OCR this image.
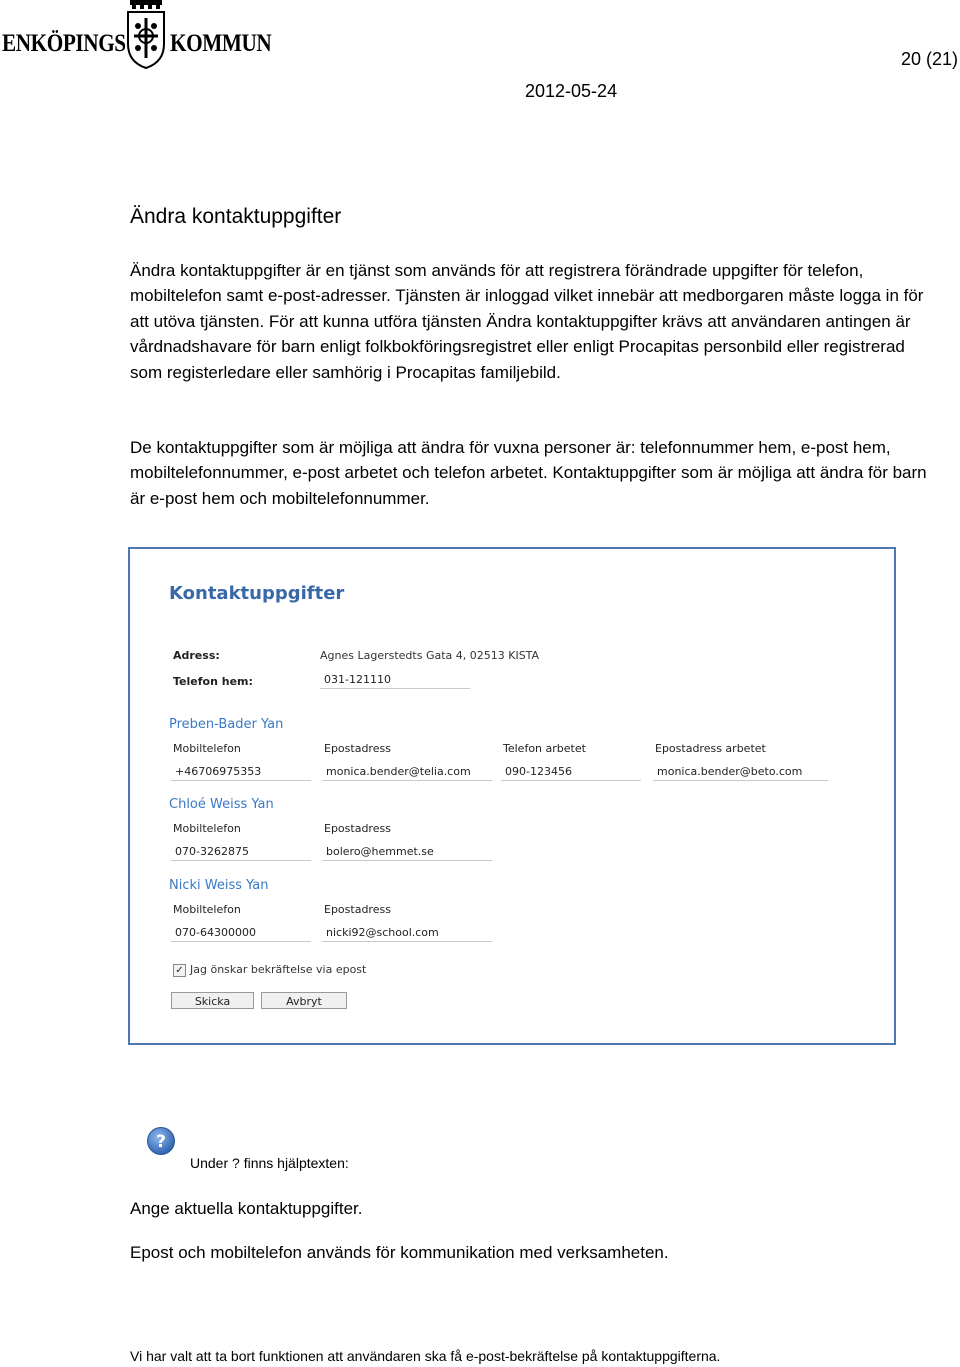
ENKÖPINGS KOMMUN
20 (21)
2012-05-24
Ändra kontaktuppgifter

Ändra kontaktuppgifter är en tjänst som används för att registrera förändrade uppgifter för telefon, mobiltelefon samt e-post-adresser. Tjänsten är inloggad vilket innebär att medborgaren måste logga in för att utöva tjänsten. För att kunna utföra tjänsten Ändra kontaktuppgifter krävs att användaren antingen är vårdnadshavare för barn enligt folkbokföringsregistret eller enligt Procapitas personbild eller registrerad som registerledare eller samhörig i Procapitas familjebild.

De kontaktuppgifter som är möjliga att ändra för vuxna personer är: telefonnummer hem, e-post hem, mobiltelefonnummer, e-post arbetet och telefon arbetet. Kontaktuppgifter som är möjliga att ändra för barn är e-post hem och mobiltelefonnummer.

Kontaktuppgifter
Adress:	Agnes Lagerstedts Gata 4, 02513 KISTA
Telefon hem:	031-121110
Preben-Bader Yan
Mobiltelefon	Epostadress	Telefon arbetet	Epostadress arbetet
+46706975353	monica.bender@telia.com	090-123456	monica.bender@beto.com
Chloé Weiss Yan
Mobiltelefon	Epostadress
070-3262875	bolero@hemmet.se
Nicki Weiss Yan
Mobiltelefon	Epostadress
070-64300000	nicki92@school.com
✓ Jag önskar bekräftelse via epost
Skicka	Avbryt
?
Under ? finns hjälptexten:
Ange aktuella kontaktuppgifter.
Epost och mobiltelefon används för kommunikation med verksamheten.
Vi har valt att ta bort funktionen att användaren ska få e-post-bekräftelse på kontaktuppgifterna.
